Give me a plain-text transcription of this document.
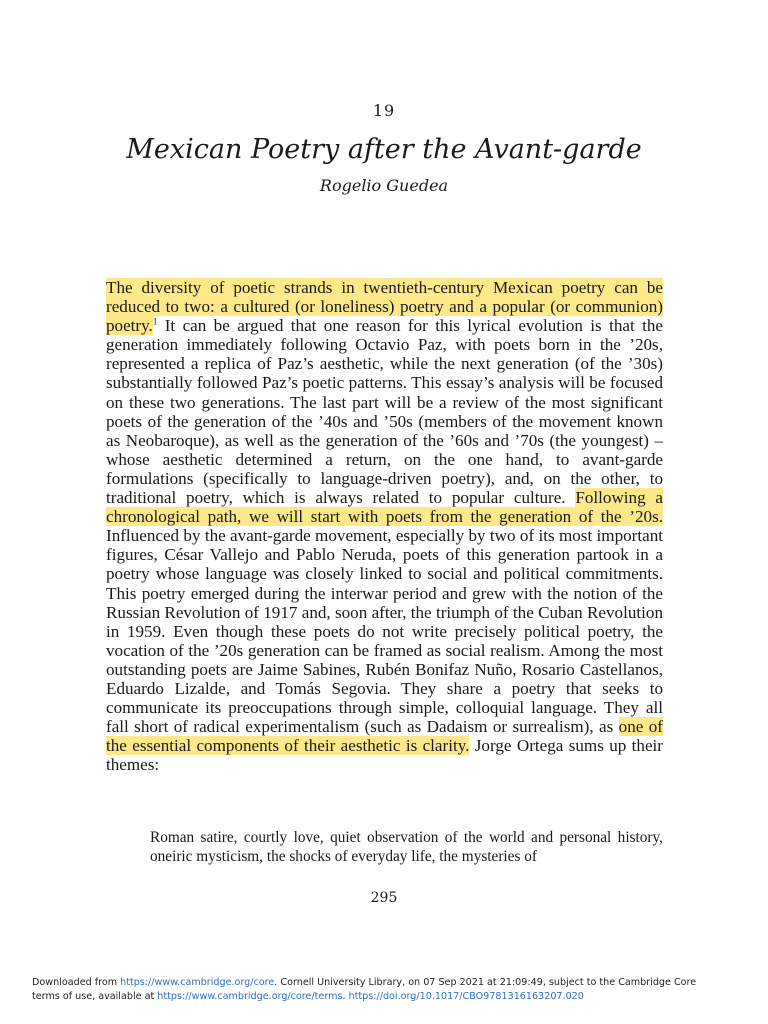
19
Mexican Poetry after the Avant-garde
Rogelio Guedea
The diversity of poetic strands in twentieth-century Mexican poetry can be reduced to two: a cultured (or loneliness) poetry and a popular (or communion) poetry.$^1$ It can be argued that one reason for this lyrical evolution is that the generation immediately following Octavio Paz, with poets born in the ’20s, represented a replica of Paz’s aesthetic, while the next generation (of the ’30s) substantially followed Paz’s poetic patterns. This essay’s analysis will be focused on these two generations. The last part will be a review of the most significant poets of the generation of the ’40s and ’50s (members of the movement known as Neobaroque), as well as the generation of the ’60s and ’70s (the youngest) – whose aesthetic determined a return, on the one hand, to avant-garde formulations (specifically to language-driven poetry), and, on the other, to traditional poetry, which is always related to popular culture. Following a chronological path, we will start with poets from the generation of the ’20s. Influenced by the avant-garde movement, especially by two of its most important figures, César Vallejo and Pablo Neruda, poets of this generation partook in a poetry whose language was closely linked to social and political commitments. This poetry emerged during the interwar period and grew with the notion of the Russian Revolution of 1917 and, soon after, the triumph of the Cuban Revolution in 1959. Even though these poets do not write precisely political poetry, the vocation of the ’20s generation can be framed as social realism. Among the most outstanding poets are Jaime Sabines, Rubén Bonifaz Nuño, Rosario Castellanos, Eduardo Lizalde, and Tomás Segovia. They share a poetry that seeks to communicate its preoccupations through simple, colloquial language. They all fall short of radical experimentalism (such as Dadaism or surrealism), as one of the essential components of their aesthetic is clarity. Jorge Ortega sums up their themes:
Roman satire, courtly love, quiet observation of the world and personal history, oneiric mysticism, the shocks of everyday life, the mysteries of
295
Downloaded from https://www.cambridge.org/core. Cornell University Library, on 07 Sep 2021 at 21:09:49, subject to the Cambridge Core
terms of use, available at https://www.cambridge.org/core/terms. https://doi.org/10.1017/CBO9781316163207.020
